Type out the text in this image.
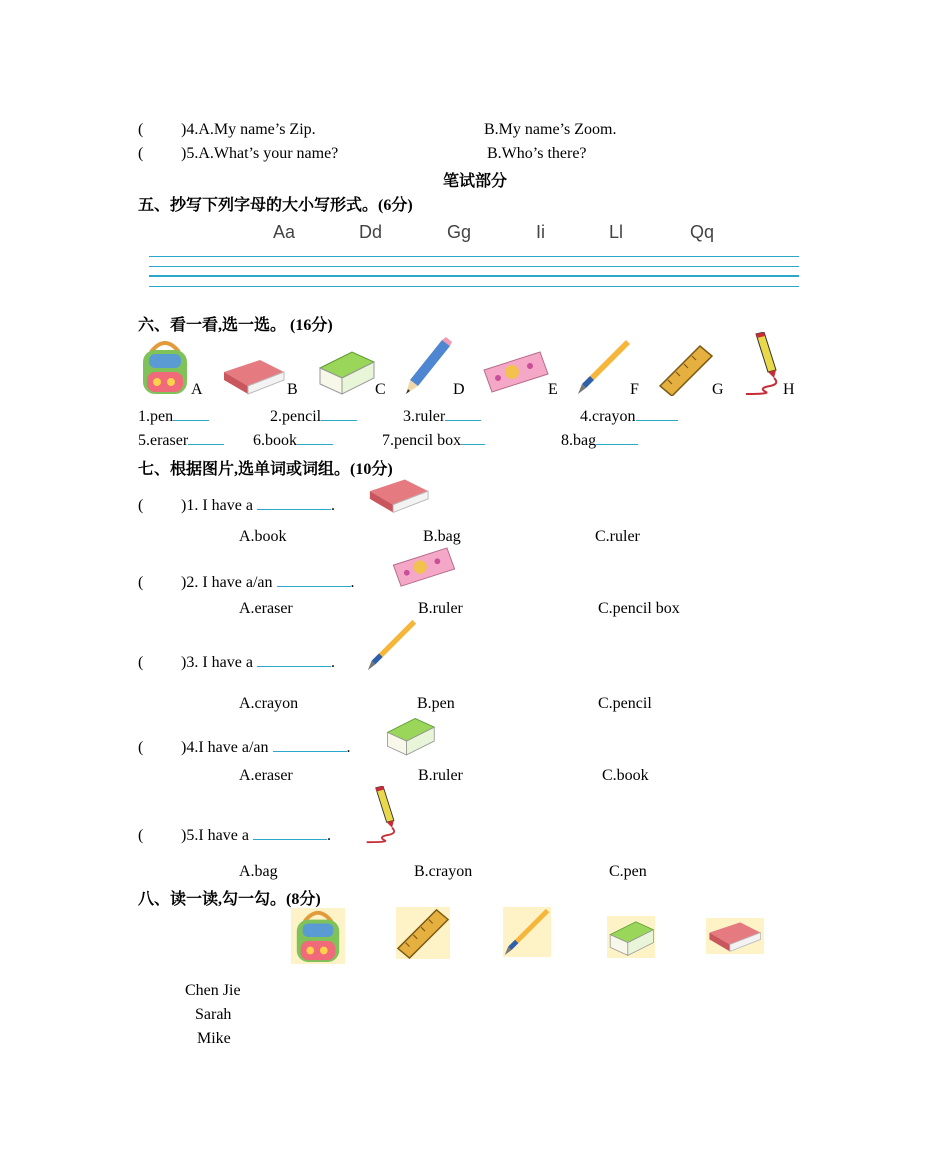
( )4.A.My name’s Zip.	B.My name’s Zoom.
( )5.A.What’s your name?	B.Who’s there?
笔试部分
五、抄写下列字母的大小写形式。(6分)
Aa	Dd	Gg	Ii	Ll	Qq
六、看一看,选一选。 (16分)
A	B	C	D	E	F	G	H
1.pen	2.pencil	3.ruler	4.crayon
5.eraser	6.book	7.pencil box	8.bag
七、根据图片,选单词或词组。(10分)
( )1. I have a	.
A.book	B.bag	C.ruler
( )2. I have a/an	.
A.eraser	B.ruler	C.pencil box
( )3. I have a	.
A.crayon	B.pen	C.pencil
( )4.I have a/an	.
A.eraser	B.ruler	C.book
( )5.I have a	.
A.bag	B.crayon	C.pen
八、读一读,勾一勾。(8分)
Chen Jie
Sarah
Mike
